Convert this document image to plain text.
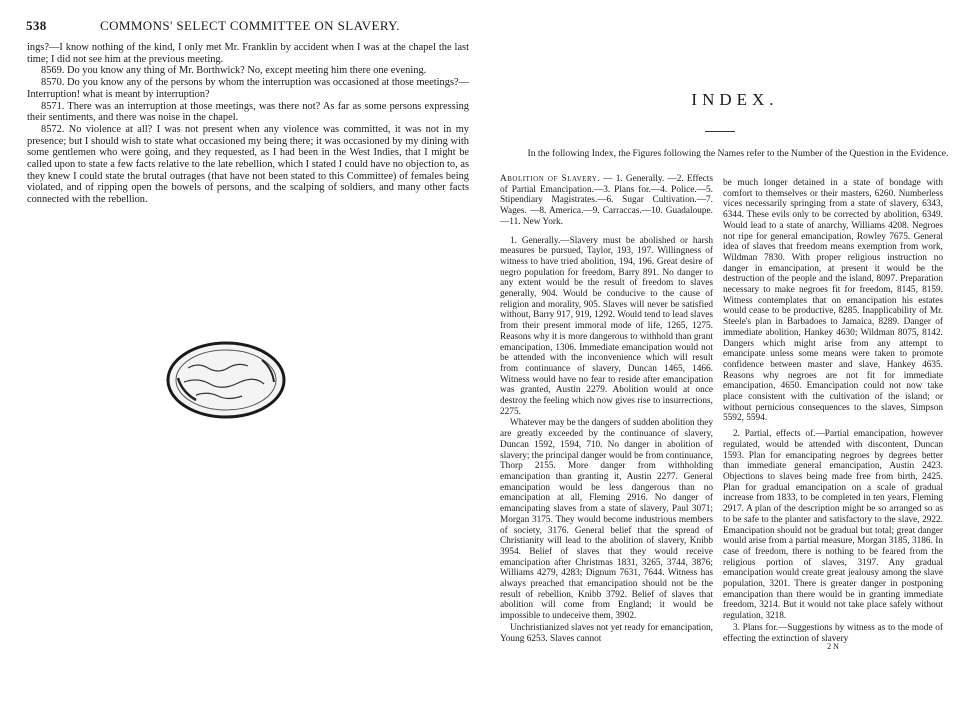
538	COMMONS' SELECT COMMITTEE ON SLAVERY.

ings?—I know nothing of the kind, I only met Mr. Franklin by accident when I was at the chapel the last time; I did not see him at the previous meeting.

8569. Do you know any thing of Mr. Borthwick? No, except meeting him there one evening.

8570. Do you know any of the persons by whom the interruption was occasioned at those meetings?—Interruption! what is meant by interruption?

8571. There was an interruption at those meetings, was there not? As far as some persons expressing their sentiments, and there was noise in the chapel.

8572. No violence at all? I was not present when any violence was committed, it was not in my presence; but I should wish to state what occasioned my being there; it was occasioned by my dining with some gentlemen who were going, and they requested, as I had been in the West Indies, that I might be called upon to state a few facts relative to the late rebellion, which I stated I could have no objection to, as they knew I could state the brutal outrages (that have not been stated to this Committee) of females being violated, and of ripping open the bowels of persons, and the scalping of soldiers, and many other facts connected with the rebellion.

INDEX.
In the following Index, the Figures following the Names refer to the Number of the Question in the Evidence.

Abolition of Slavery. — 1. Generally. —2. Effects of Partial Emancipation.—3. Plans for.—4. Police.—5. Stipendiary Magistrates.—6. Sugar Cultivation.—7. Wages. —8. America.—9. Carraccas.—10. Guadaloupe.—11. New York.

1. Generally.—Slavery must be abolished or harsh measures be pursued, Taylor, 193, 197. Willingness of witness to have tried abolition, 194, 196. Great desire of negro population for freedom, Barry 891. No danger to any extent would be the result of freedom to slaves generally, 904. Would be conducive to the cause of religion and morality, 905. Slaves will never be satisfied without, Barry 917, 919, 1292. Would tend to lead slaves from their present immoral mode of life, 1265, 1275. Reasons why it is more dangerous to withhold than grant emancipation, 1306. Immediate emancipation would not be attended with the inconvenience which will result from continuance of slavery, Duncan 1465, 1466. Witness would have no fear to reside after emancipation was granted, Austin 2279. Abolition would at once destroy the feeling which now gives rise to insurrections, 2275.

Whatever may be the dangers of sudden abolition they are greatly exceeded by the continuance of slavery, Duncan 1592, 1594, 710. No danger in abolition of slavery; the principal danger would be from continuance, Thorp 2155. More danger from withholding emancipation than granting it, Austin 2277. General emancipation would be less dangerous than no emancipation at all, Fleming 2916. No danger of emancipating slaves from a state of slavery, Paul 3071; Morgan 3175. They would become industrious members of society, 3176. General belief that the spread of Christianity will lead to the abolition of slavery, Knibb 3954. Belief of slaves that they would receive emancipation after Christmas 1831, 3265, 3744, 3876; Williams 4279, 4283; Dignum 7631, 7644. Witness has always preached that emancipation should not be the result of rebellion, Knibb 3792. Belief of slaves that abolition will come from England; it would be impossible to undeceive them, 3902.

Unchristianized slaves not yet ready for emancipation, Young 6253. Slaves cannot

be much longer detained in a state of bondage with comfort to themselves or their masters, 6260. Numberless vices necessarily springing from a state of slavery, 6343, 6344. These evils only to be corrected by abolition, 6349. Would lead to a state of anarchy, Williams 4208. Negroes not ripe for general emancipation, Rowley 7675. General idea of slaves that freedom means exemption from work, Wildman 7830. With proper religious instruction no danger in emancipation, at present it would be the destruction of the people and the island, 8097. Preparation necessary to make negroes fit for freedom, 8145, 8159. Witness contemplates that on emancipation his estates would cease to be productive, 8285. Inapplicability of Mr. Steele's plan in Barbadoes to Jamaica, 8289. Danger of immediate abolition, Hankey 4630; Wildman 8075, 8142. Dangers which might arise from any attempt to emancipate unless some means were taken to promote confidence between master and slave, Hankey 4635. Reasons why negroes are not fit for immediate emancipation, 4650. Emancipation could not now take place consistent with the cultivation of the island; or without pernicious consequences to the slaves, Simpson 5592, 5594.

2. Partial, effects of.—Partial emancipation, however regulated, would be attended with discontent, Duncan 1593. Plan for emancipating negroes by degrees better than immediate general emancipation, Austin 2423. Objections to slaves being made free from birth, 2425. Plan for gradual emancipation on a scale of gradual increase from 1833, to be completed in ten years, Fleming 2917. A plan of the description might be so arranged so as to be safe to the planter and satisfactory to the slave, 2922. Emancipation should not be gradual but total; great danger would arise from a partial measure, Morgan 3185, 3186. In case of freedom, there is nothing to be feared from the religious portion of slaves, 3197. Any gradual emancipation would create great jealousy among the slave population, 3201. There is greater danger in postponing emancipation than there would be in granting immediate freedom, 3214. But it would not take place safely without regulation, 3218.

3. Plans for.—Suggestions by witness as to the mode of effecting the extinction of slavery

2 N
